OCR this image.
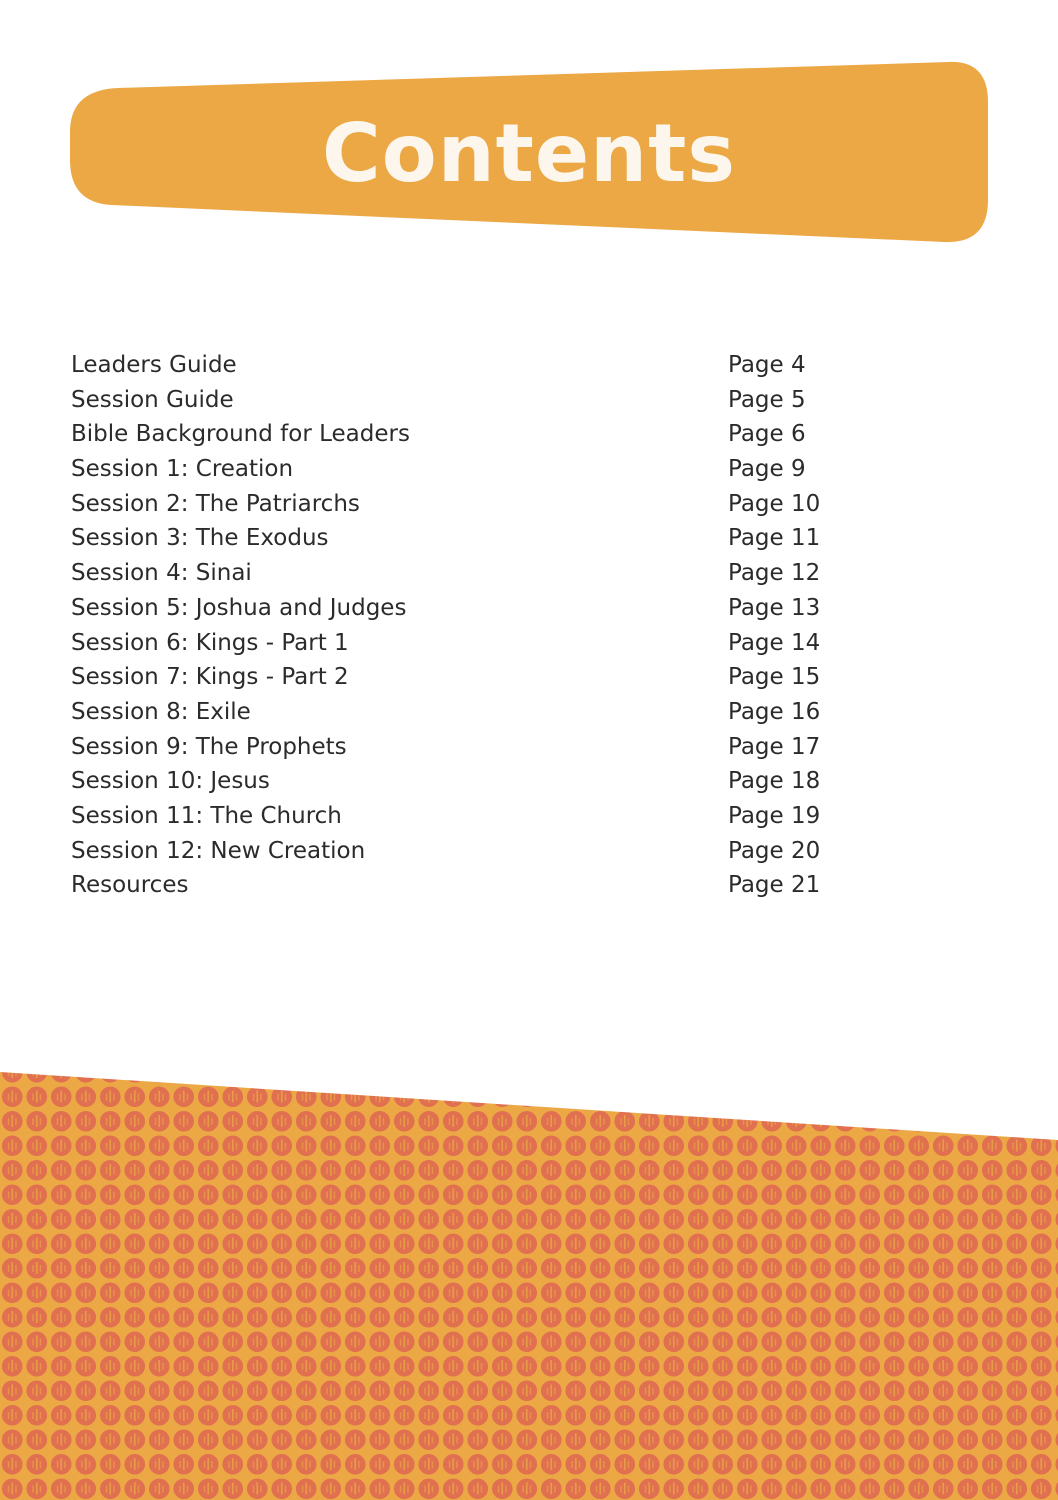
Contents
Leaders Guide	Page 4
Session Guide	Page 5
Bible Background for Leaders	Page 6
Session 1: Creation	Page 9
Session 2: The Patriarchs	Page 10
Session 3: The Exodus	Page 11
Session 4: Sinai	Page 12
Session 5: Joshua and Judges	Page 13
Session 6: Kings - Part 1	Page 14
Session 7: Kings - Part 2	Page 15
Session 8: Exile	Page 16
Session 9: The Prophets	Page 17
Session 10: Jesus	Page 18
Session 11: The Church	Page 19
Session 12: New Creation	Page 20
Resources	Page 21
